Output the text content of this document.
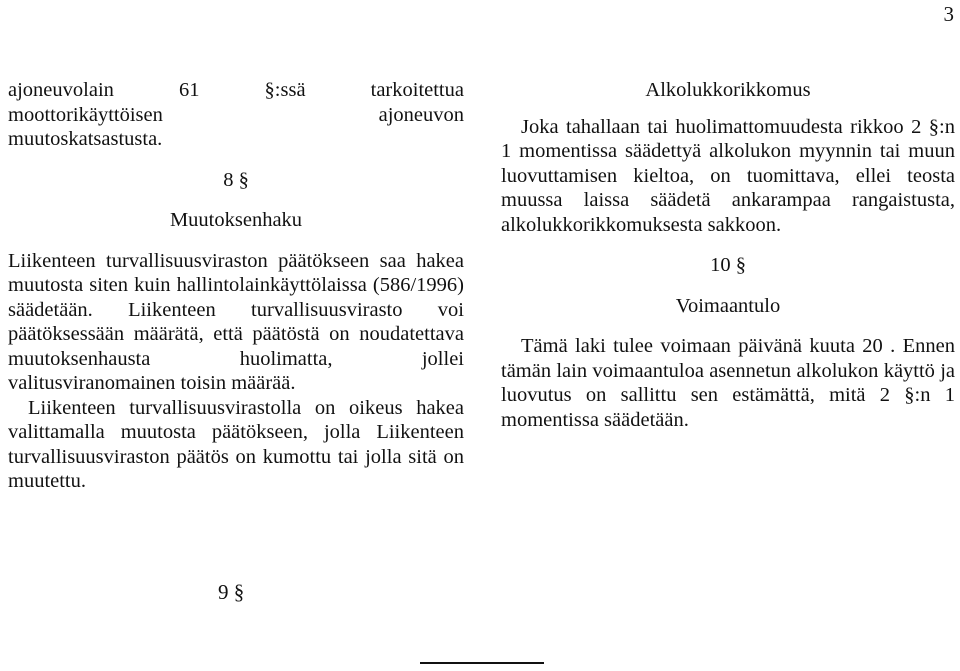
3
ajoneuvolain	61	§:ssä	tarkoitettua
moottorikäyttöisen	ajoneuvon
muutoskatsastusta.
8 §
Muutoksenhaku

Liikenteen turvallisuusviraston päätökseen saa hakea muutosta siten kuin hallintolainkäyttölaissa (586/1996) säädetään. Liikenteen turvallisuusvirasto voi päätöksessään määrätä, että päätöstä on noudatettava muutoksenhausta huolimatta, jollei valitusviranomainen toisin määrää.

Liikenteen turvallisuusvirastolla on oikeus hakea valittamalla muutosta päätökseen, jolla Liikenteen turvallisuusviraston päätös on kumottu tai jolla sitä on muutettu.

Alkolukkorikkomus

Joka tahallaan tai huolimattomuudesta rikkoo 2 §:n 1 momentissa säädettyä alkolukon myynnin tai muun luovuttamisen kieltoa, on tuomittava, ellei teosta muussa laissa säädetä ankarampaa rangaistusta, alkolukkorikkomuksesta sakkoon.

10 §
Voimaantulo

Tämä laki tulee voimaan päivänä kuuta 20 . Ennen tämän lain voimaantuloa asennetun alkolukon käyttö ja luovutus on sallittu sen estämättä, mitä 2 §:n 1 momentissa säädetään.

9 §
